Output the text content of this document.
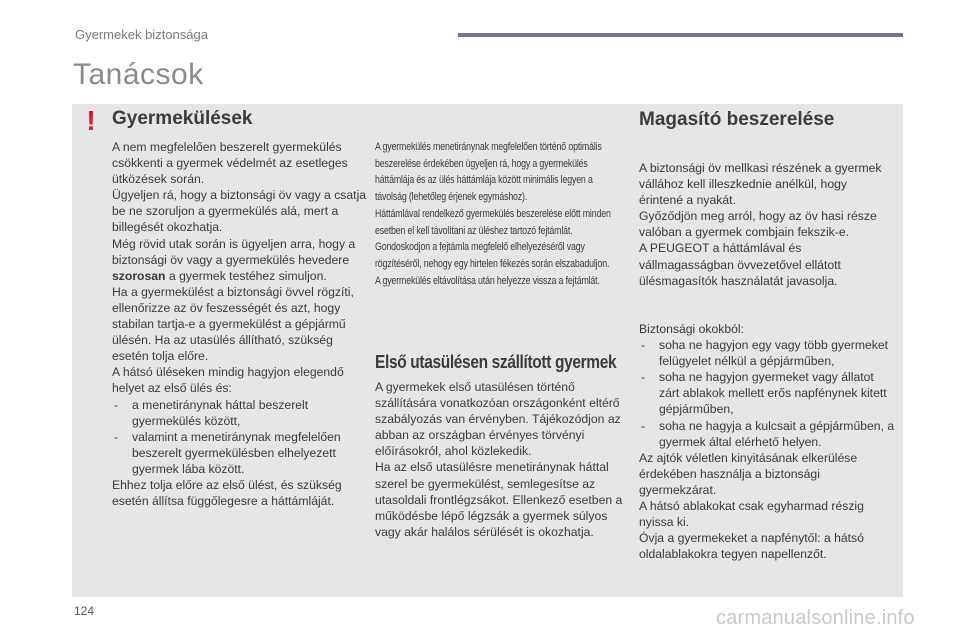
Gyermekek biztonsága
Tanácsok
! Gyermekülések

A nem megfelelően beszerelt gyermekülés csökkenti a gyermek védelmét az esetleges ütközések során.

Ügyeljen rá, hogy a biztonsági öv vagy a csatja be ne szoruljon a gyermekülés alá, mert a billegését okozhatja.

Még rövid utak során is ügyeljen arra, hogy a biztonsági öv vagy a gyermekülés hevedere szorosan a gyermek testéhez simuljon.

Ha a gyermekülést a biztonsági övvel rögzíti, ellenőrizze az öv feszességét és azt, hogy stabilan tartja-e a gyermekülést a gépjármű ülésén. Ha az utasülés állítható, szükség esetén tolja előre.

A hátsó üléseken mindig hagyjon elegendő helyet az első ülés és:

- a menetiránynak háttal beszerelt gyermekülés között,
- valamint a menetiránynak megfelelően beszerelt gyermekülésben elhelyezett gyermek lába között.

Ehhez tolja előre az első ülést, és szükség esetén állítsa függőlegesre a háttámláját.

A gyermekülés menetiránynak megfelelően történő optimális beszerelése érdekében ügyeljen rá, hogy a gyermekülés háttámlája és az ülés háttámlája között minimális legyen a távolság (lehetőleg érjenek egymáshoz).

Háttámlával rendelkező gyermekülés beszerelése előtt minden esetben el kell távolítani az üléshez tartozó fejtámlát.

Gondoskodjon a fejtámla megfelelő elhelyezéséről vagy rögzítéséről, nehogy egy hirtelen fékezés során elszabaduljon.

A gyermekülés eltávolítása után helyezze vissza a fejtámlát.

Első utasülésen szállított gyermek

A gyermekek első utasülésen történő szállítására vonatkozóan országonként eltérő szabályozás van érvényben. Tájékozódjon az abban az országban érvényes törvényi előírásokról, ahol közlekedik.

Ha az első utasülésre menetiránynak háttal szerel be gyermekülést, semlegesítse az utasoldali frontlégzsákot. Ellenkező esetben a működésbe lépő légzsák a gyermek súlyos vagy akár halálos sérülését is okozhatja.

Magasító beszerelése

A biztonsági öv mellkasi részének a gyermek vállához kell illeszkednie anélkül, hogy érintené a nyakát.

Győződjön meg arról, hogy az öv hasi része valóban a gyermek combjain fekszik-e.

A PEUGEOT a háttámlával és vállmagasságban övvezetővel ellátott ülésmagasítók használatát javasolja.

Biztonsági okokból:

- soha ne hagyjon egy vagy több gyermeket felügyelet nélkül a gépjárműben,
- soha ne hagyjon gyermeket vagy állatot zárt ablakok mellett erős napfénynek kitett gépjárműben,
- soha ne hagyja a kulcsait a gépjárműben, a gyermek által elérhető helyen.

Az ajtók véletlen kinyitásának elkerülése érdekében használja a biztonsági gyermekzárat.

A hátsó ablakokat csak egyharmad részig nyissa ki.

Óvja a gyermekeket a napfénytől: a hátsó oldalablakokra tegyen napellenzőt.

124	carmanualsonline.info
